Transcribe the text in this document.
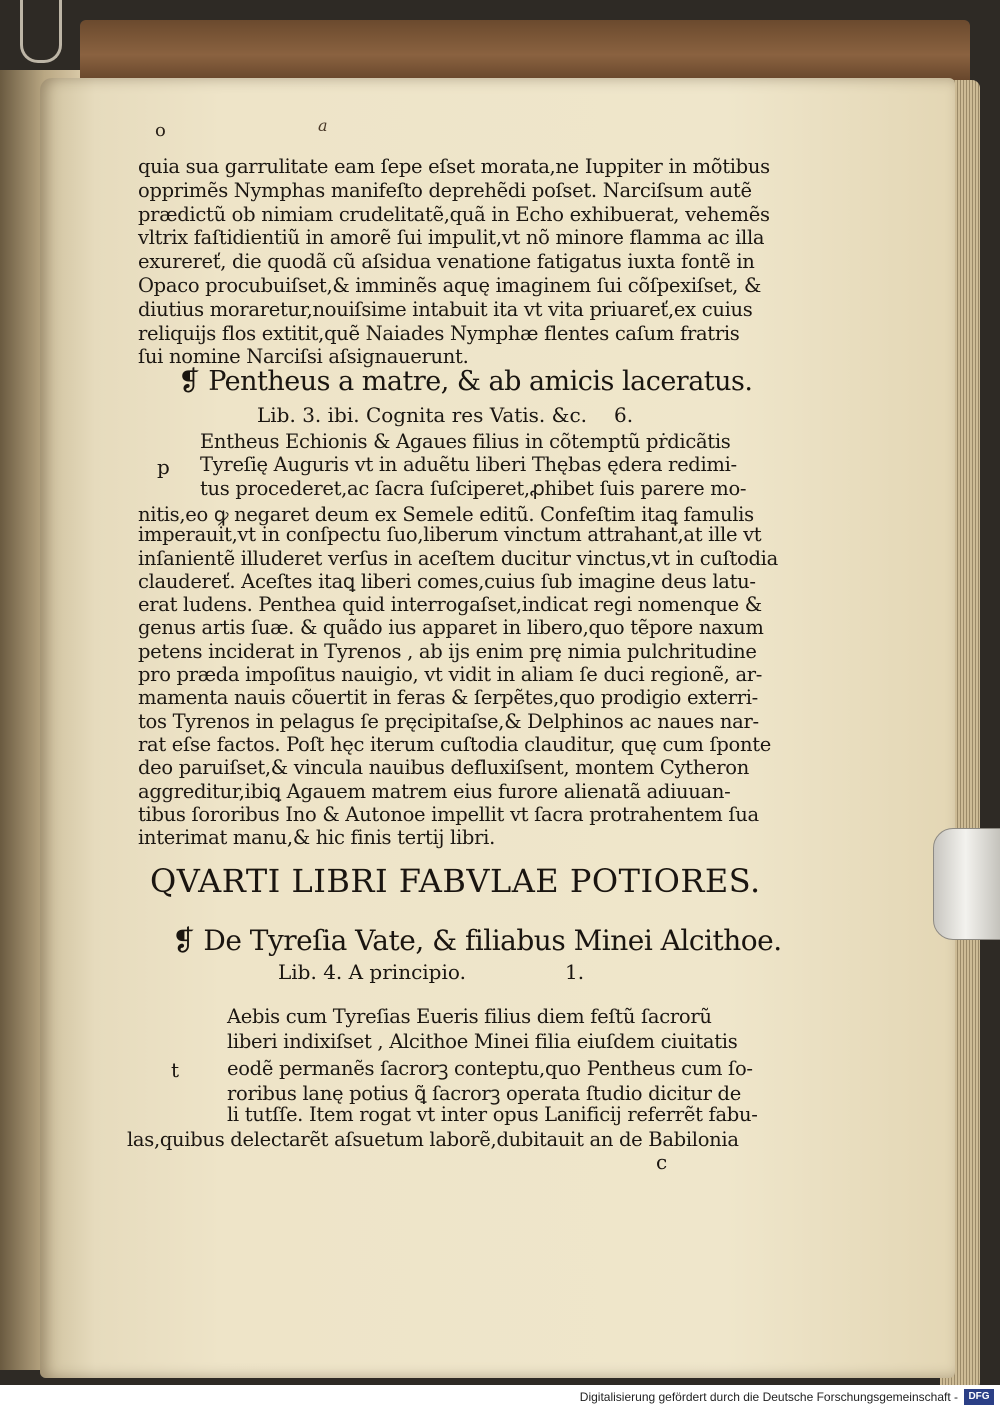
o	a
quia sua garrulitate eam ſepe eſset morata,ne Iuppiter in mõtibus
opprimẽs Nymphas manifeſto deprehẽdi poſset. Narciſsum autẽ
prædictũ ob nimiam crudelitatẽ,quã in Echo exhibuerat, vehemẽs
vltrix faſtidientiũ in amorẽ ſui impulit,vt nõ minore flamma ac illa
exurereť, die quodã cũ aſsidua venatione fatigatus iuxta fontẽ in
Opaco procubuiſset,& imminẽs aquę imaginem ſui cõſpexiſset, &
diutius moraretur,nouiſsime intabuit ita vt vita priuareť,ex cuius
reliquijs flos extitit,quẽ Naiades Nymphæ flentes caſum fratris
ſui nomine Narciſsi aſsignauerunt.
❡ Pentheus a matre, & ab amicis laceratus.
Lib. 3. ibi. Cognita res Vatis. &c. 6.
p
Entheus Echionis & Agaues filius in cõtemptũ pṙdicãtis
Tyreſię Auguris vt in aduẽtu liberi Thębas ędera redimi-
tus procederet,ac ſacra ſuſciperet,ꝓhibet ſuis parere mo-
nitis,eo ꝙ negaret deum ex Semele editũ. Confeſtim itaꝗ famulis
imperauit,vt in conſpectu ſuo,liberum vinctum attrahant,at ille vt
inſanientẽ illuderet verſus in aceſtem ducitur vinctus,vt in cuſtodia
claudereť. Aceſtes itaꝗ liberi comes,cuius ſub imagine deus latu-
erat ludens. Penthea quid interrogaſset,indicat regi nomenque &
genus artis ſuæ. & quãdo ius apparet in libero,quo tẽpore naxum
petens inciderat in Tyrenos , ab ijs enim prę nimia pulchritudine
pro præda impoſitus nauigio, vt vidit in aliam ſe duci regionẽ, ar-
mamenta nauis cõuertit in feras & ſerpẽtes,quo prodigio exterri-
tos Tyrenos in pelagus ſe pręcipitaſse,& Delphinos ac naues nar-
rat eſse factos. Poſt hęc iterum cuſtodia clauditur, quę cum ſponte
deo paruiſset,& vincula nauibus defluxiſsent, montem Cytheron
aggreditur,ibiꝗ Agauem matrem eius furore alienatã adiuuan-
tibus ſororibus Ino & Autonoe impellit vt ſacra protrahentem ſua
interimat manu,& hic finis tertij libri.
QVARTI LIBRI FABVLAE POTIORES.
❡ De Tyreſia Vate, & filiabus Minei Alcithoe.
Lib. 4. A principio.	1.
t
Aebis cum Tyreſias Eueris filius diem feſtũ ſacrorũ
liberi indixiſset , Alcithoe Minei filia eiuſdem ciuitatis
eodẽ permanẽs ſacrorꝫ conteptu,quo Pentheus cum ſo-
roribus lanę potius ꝗ̃ ſacrorꝫ operata ſtudio dicitur de
li tutſſe. Item rogat vt inter opus Lanificij referrẽt fabu-
las,quibus delectarẽt aſsuetum laborẽ,dubitauit an de Babilonia
c
Digitalisierung gefördert durch die Deutsche Forschungsgemeinschaft -	DFG
